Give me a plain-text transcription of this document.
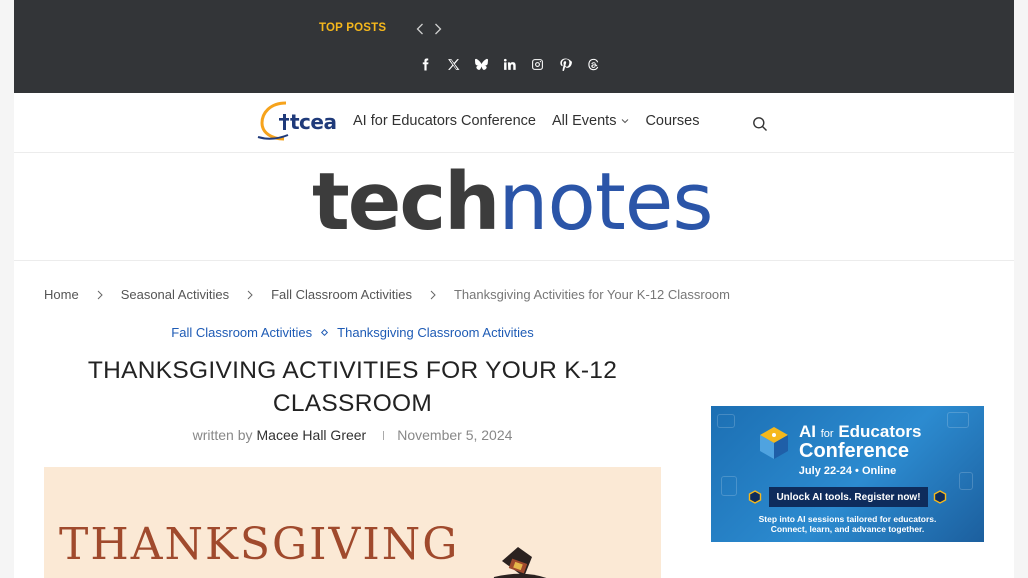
TOP POSTS
tcea AI for Educators Conference All Events Courses
technotes
Home	Seasonal Activities	Fall Classroom Activities	Thanksgiving Activities for Your K-12 Classroom
Fall Classroom Activities Thanksgiving Classroom Activities
THANKSGIVING ACTIVITIES FOR YOUR K-12 CLASSROOM
written by Macee Hall Greer November 5, 2024
THANKSGIVING
AI for Educators
Conference
July 22-24 • Online
Unlock AI tools. Register now!
Step into AI sessions tailored for educators.
Connect, learn, and advance together.
